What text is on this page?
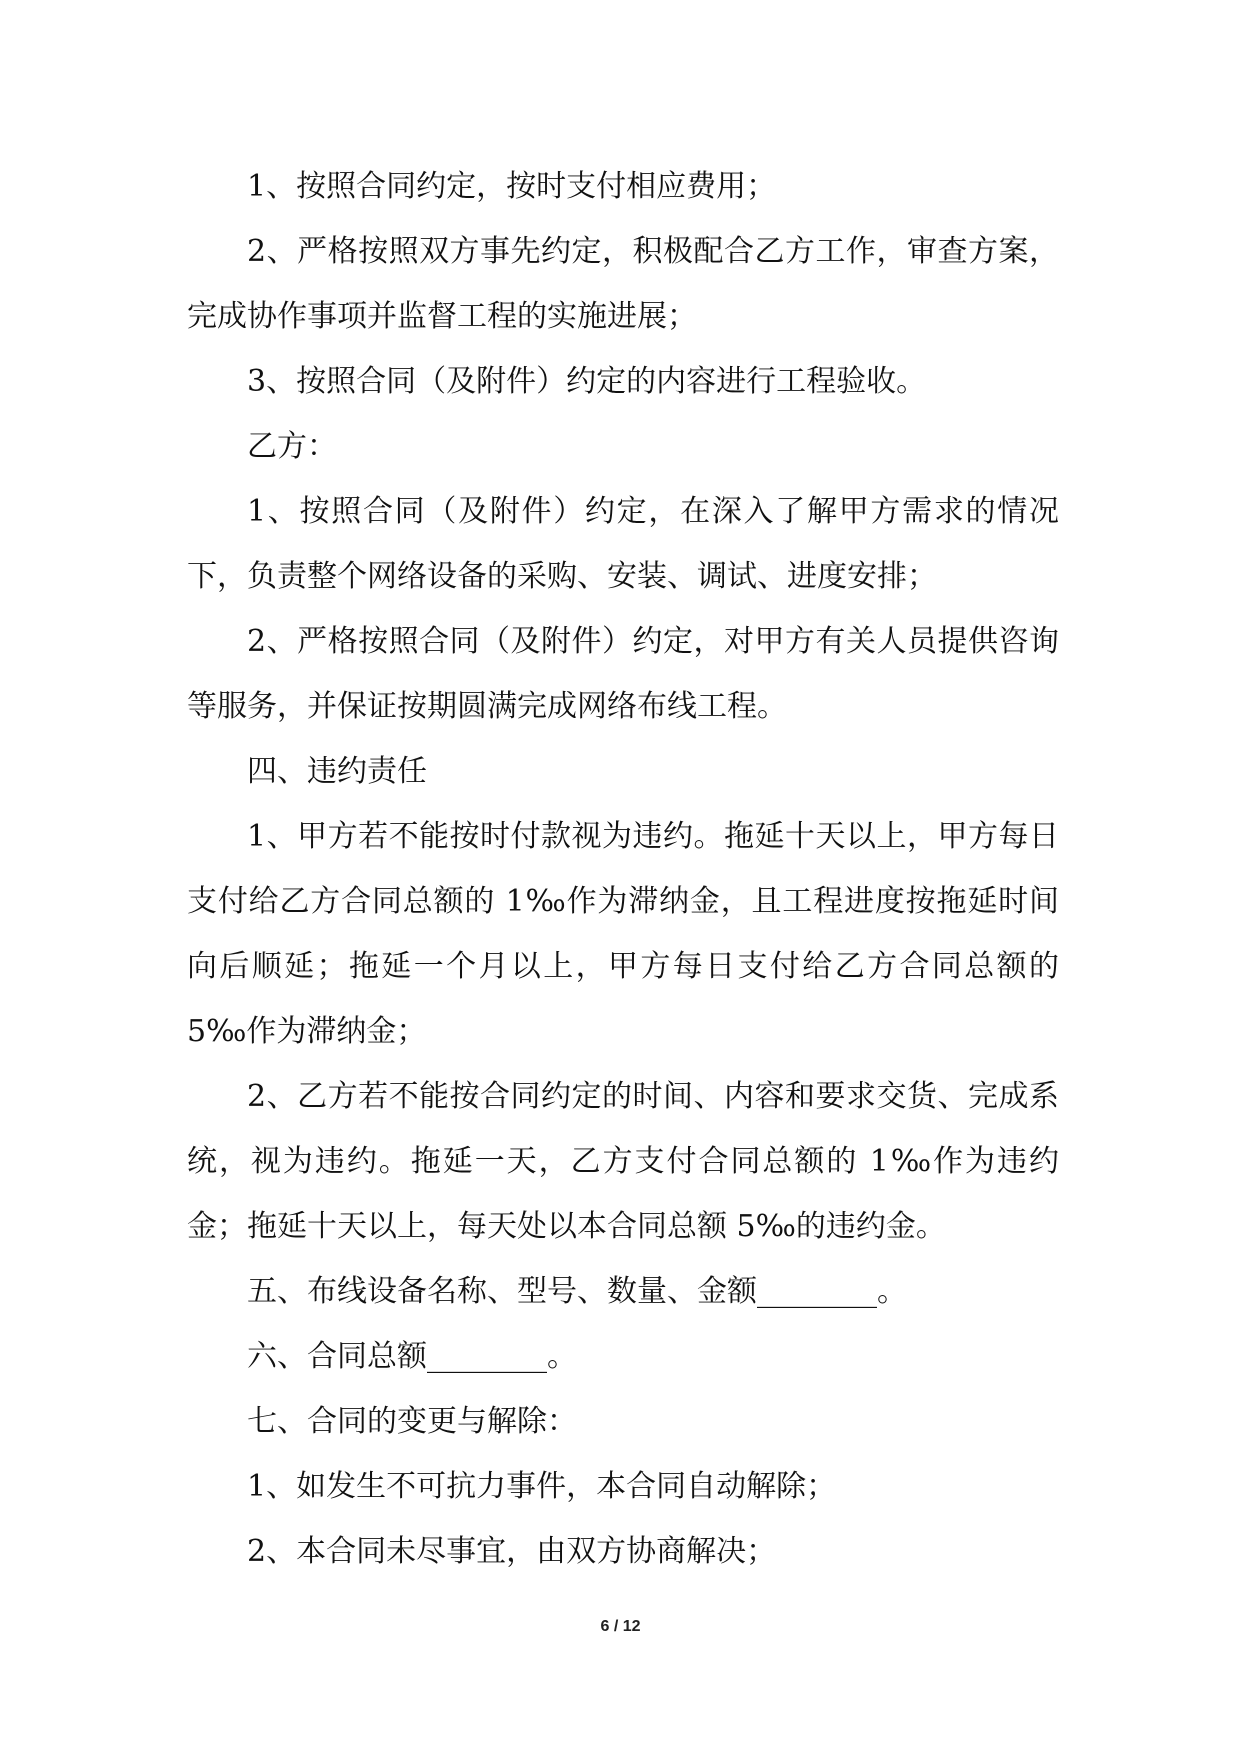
1、按照合同约定，按时支付相应费用；

2、严格按照双方事先约定，积极配合乙方工作，审查方案，完成协作事项并监督工程的实施进展；

3、按照合同（及附件）约定的内容进行工程验收。

乙方：

1、按照合同（及附件）约定，在深入了解甲方需求的情况下，负责整个网络设备的采购、安装、调试、进度安排；

2、严格按照合同（及附件）约定，对甲方有关人员提供咨询等服务，并保证按期圆满完成网络布线工程。

四、违约责任

1、甲方若不能按时付款视为违约。拖延十天以上，甲方每日支付给乙方合同总额的 1‰作为滞纳金，且工程进度按拖延时间向后顺延；拖延一个月以上，甲方每日支付给乙方合同总额的 5‰作为滞纳金；

2、乙方若不能按合同约定的时间、内容和要求交货、完成系统，视为违约。拖延一天，乙方支付合同总额的 1‰作为违约金；拖延十天以上，每天处以本合同总额 5‰的违约金。

五、布线设备名称、型号、数量、金额________。

六、合同总额________。

七、合同的变更与解除：

1、如发生不可抗力事件，本合同自动解除；

2、本合同未尽事宜，由双方协商解决；

6 / 12
